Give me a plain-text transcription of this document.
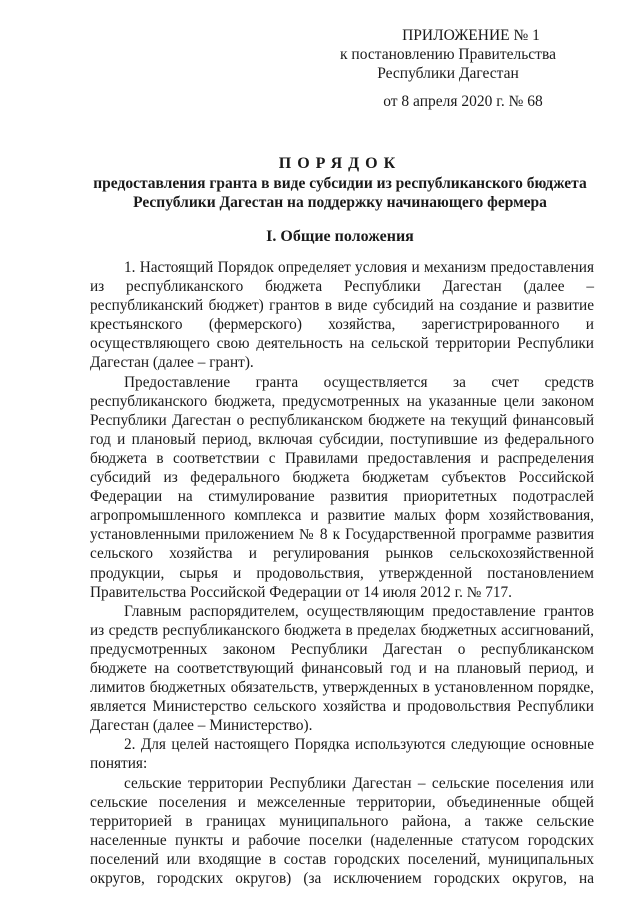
ПРИЛОЖЕНИЕ № 1
к постановлению Правительства
Республики Дагестан
от 8 апреля 2020 г. № 68
ПОРЯДОК
предоставления гранта в виде субсидии из республиканского бюджета
Республики Дагестан на поддержку начинающего фермера
I. Общие положения

1. Настоящий Порядок определяет условия и механизм предоставления из республиканского бюджета Республики Дагестан (далее – республиканский бюджет) грантов в виде субсидий на создание и развитие крестьянского (фермерского) хозяйства, зарегистрированного и осуществляющего свою деятельность на сельской территории Республики Дагестан (далее – грант).

Предоставление гранта осуществляется за счет средств республиканского бюджета, предусмотренных на указанные цели законом Республики Дагестан о республиканском бюджете на текущий финансовый год и плановый период, включая субсидии, поступившие из федерального бюджета в соответствии с Правилами предоставления и распределения субсидий из федерального бюджета бюджетам субъектов Российской Федерации на стимулирование развития приоритетных подотраслей агропромышленного комплекса и развитие малых форм хозяйствования, установленными приложением № 8 к Государственной программе развития сельского хозяйства и регулирования рынков сельскохозяйственной продукции, сырья и продовольствия, утвержденной постановлением Правительства Российской Федерации от 14 июля 2012 г. № 717.

Главным распорядителем, осуществляющим предоставление грантов из средств республиканского бюджета в пределах бюджетных ассигнований, предусмотренных законом Республики Дагестан о республиканском бюджете на соответствующий финансовый год и на плановый период, и лимитов бюджетных обязательств, утвержденных в установленном порядке, является Министерство сельского хозяйства и продовольствия Республики Дагестан (далее – Министерство).

2. Для целей настоящего Порядка используются следующие основные понятия:

сельские территории Республики Дагестан – сельские поселения или сельские поселения и межселенные территории, объединенные общей территорией в границах муниципального района, а также сельские населенные пункты и рабочие поселки (наделенные статусом городских поселений или входящие в состав городских поселений, муниципальных округов, городских округов) (за исключением городских округов, на
